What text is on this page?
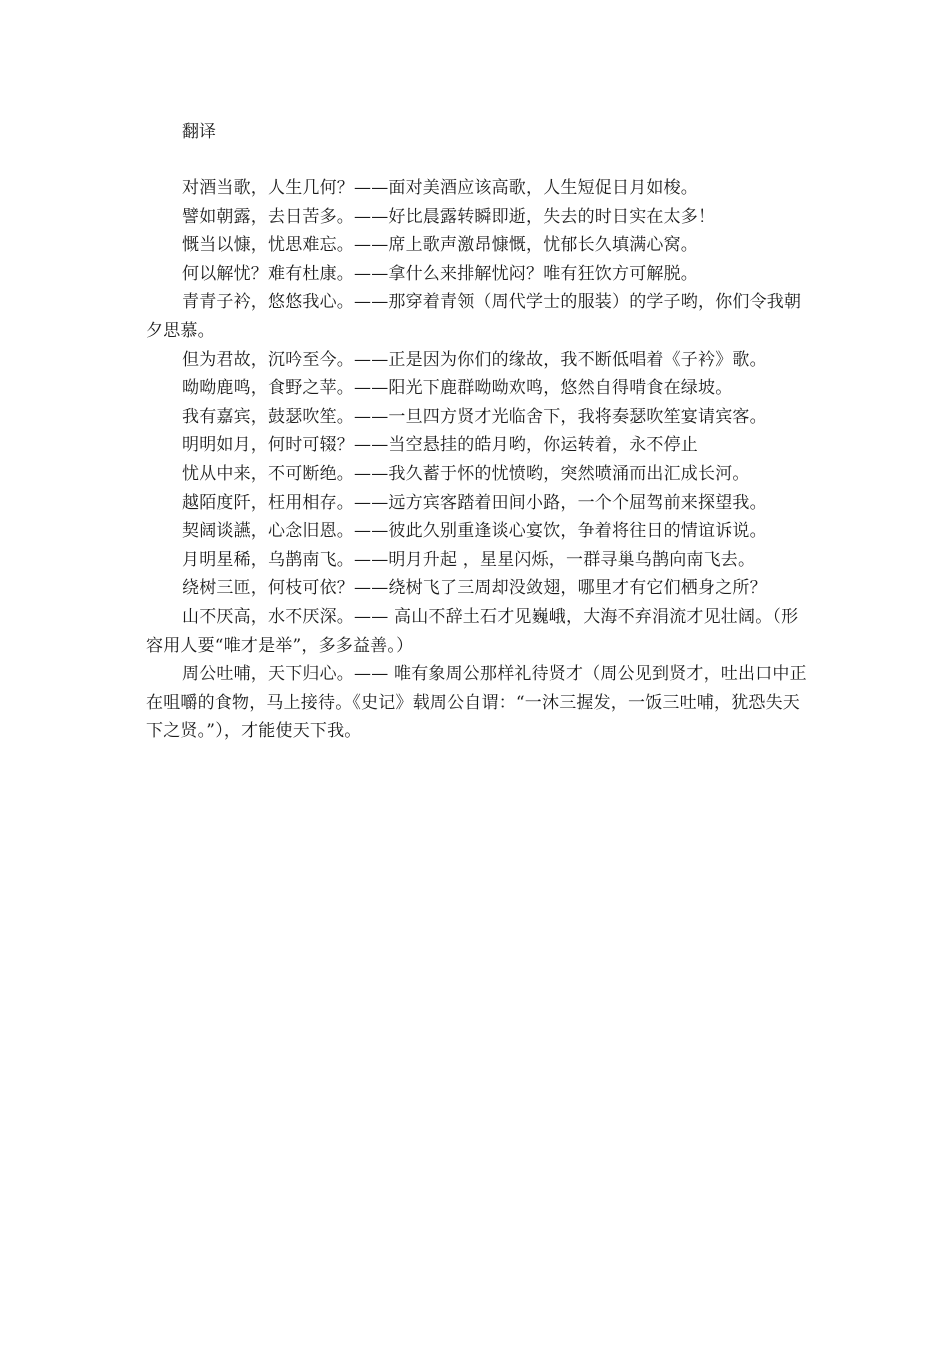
翻译

对酒当歌，人生几何？——面对美酒应该高歌，人生短促日月如梭。

譬如朝露，去日苦多。——好比晨露转瞬即逝，失去的时日实在太多！

慨当以慷，忧思难忘。——席上歌声激昂慷慨，忧郁长久填满心窝。

何以解忧？难有杜康。——拿什么来排解忧闷？唯有狂饮方可解脱。

青青子衿，悠悠我心。——那穿着青领（周代学士的服装）的学子哟，你们令我朝夕思慕。

但为君故，沉吟至今。——正是因为你们的缘故，我不断低唱着《子衿》歌。

呦呦鹿鸣，食野之苹。——阳光下鹿群呦呦欢鸣，悠然自得啃食在绿坡。

我有嘉宾，鼓瑟吹笙。——一旦四方贤才光临舍下，我将奏瑟吹笙宴请宾客。

明明如月，何时可辍？——当空悬挂的皓月哟，你运转着，永不停止

忧从中来，不可断绝。——我久蓄于怀的忧愤哟，突然喷涌而出汇成长河。

越陌度阡，枉用相存。——远方宾客踏着田间小路，一个个屈驾前来探望我。

契阔谈讌，心念旧恩。——彼此久别重逢谈心宴饮，争着将往日的情谊诉说。

月明星稀，乌鹊南飞。——明月升起 ，星星闪烁，一群寻巢乌鹊向南飞去。

绕树三匝，何枝可依？——绕树飞了三周却没敛翅，哪里才有它们栖身之所？

山不厌高，水不厌深。—— 高山不辞土石才见巍峨，大海不弃涓流才见壮阔。（形容用人要“唯才是举”，多多益善。）

周公吐哺，天下归心。—— 唯有象周公那样礼待贤才（周公见到贤才，吐出口中正在咀嚼的食物，马上接待。《史记》载周公自谓：“一沐三握发，一饭三吐哺，犹恐失天下之贤。”），才能使天下我。
